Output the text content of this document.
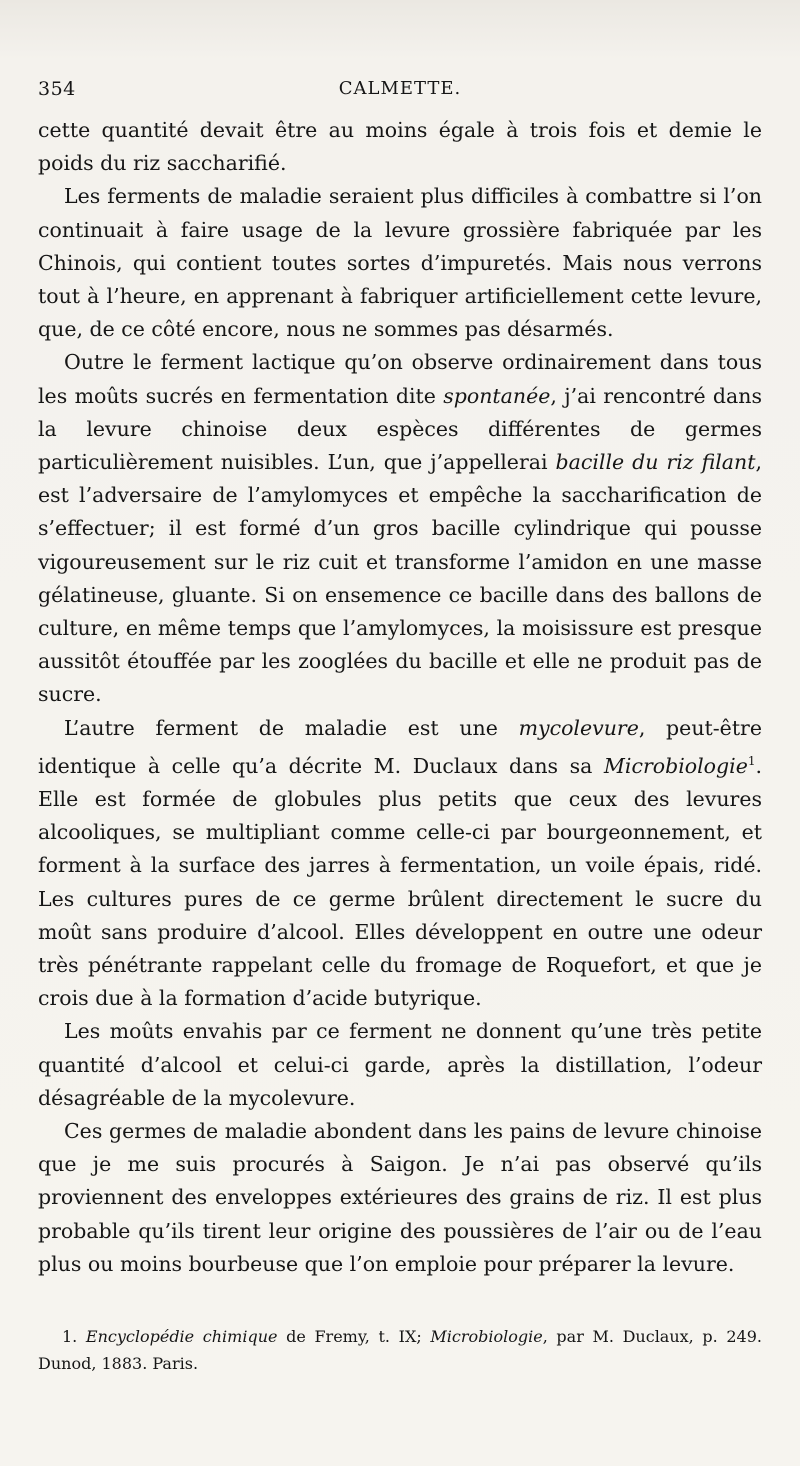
354	CALMETTE.

cette quantité devait être au moins égale à trois fois et demie le poids du riz saccharifié.

Les ferments de maladie seraient plus difficiles à combattre si l’on continuait à faire usage de la levure grossière fabriquée par les Chinois, qui contient toutes sortes d’impuretés. Mais nous verrons tout à l’heure, en apprenant à fabriquer artificiellement cette levure, que, de ce côté encore, nous ne sommes pas désarmés.

Outre le ferment lactique qu’on observe ordinairement dans tous les moûts sucrés en fermentation dite spontanée, j’ai rencontré dans la levure chinoise deux espèces différentes de germes particulièrement nuisibles. L’un, que j’appellerai bacille du riz filant, est l’adversaire de l’amylomyces et empêche la saccharification de s’effectuer; il est formé d’un gros bacille cylindrique qui pousse vigoureusement sur le riz cuit et transforme l’amidon en une masse gélatineuse, gluante. Si on ensemence ce bacille dans des ballons de culture, en même temps que l’amylomyces, la moisissure est presque aussitôt étouffée par les zooglées du bacille et elle ne produit pas de sucre.

L’autre ferment de maladie est une mycolevure, peut-être identique à celle qu’a décrite M. Duclaux dans sa Microbiologie$^1$. Elle est formée de globules plus petits que ceux des levures alcooliques, se multipliant comme celle-ci par bourgeonnement, et forment à la surface des jarres à fermentation, un voile épais, ridé. Les cultures pures de ce germe brûlent directement le sucre du moût sans produire d’alcool. Elles développent en outre une odeur très pénétrante rappelant celle du fromage de Roquefort, et que je crois due à la formation d’acide butyrique.

Les moûts envahis par ce ferment ne donnent qu’une très petite quantité d’alcool et celui-ci garde, après la distillation, l’odeur désagréable de la mycolevure.

Ces germes de maladie abondent dans les pains de levure chinoise que je me suis procurés à Saigon. Je n’ai pas observé qu’ils proviennent des enveloppes extérieures des grains de riz. Il est plus probable qu’ils tirent leur origine des poussières de l’air ou de l’eau plus ou moins bourbeuse que l’on emploie pour préparer la levure.

1. Encyclopédie chimique de Fremy, t. IX; Microbiologie, par M. Duclaux, p. 249. Dunod, 1883. Paris.
